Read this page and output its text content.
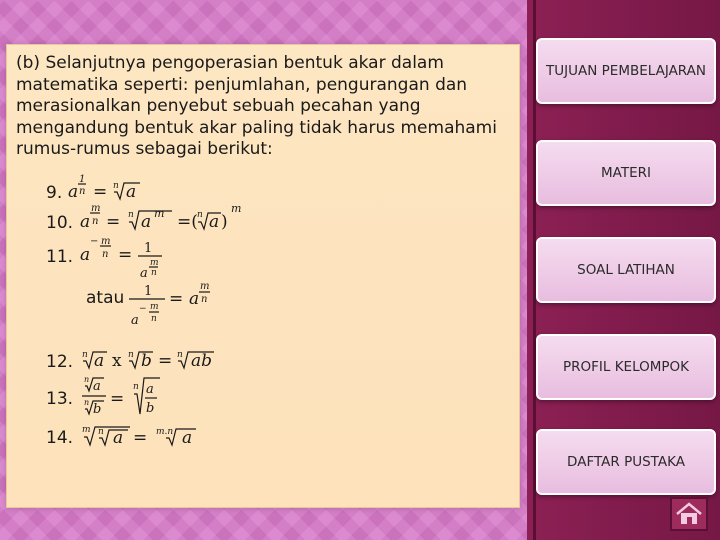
(b) Selanjutnya pengoperasian bentuk akar dalam matematika seperti: penjumlahan, pengurangan dan merasionalkan penyebut sebuah pecahan yang mengandung bentuk akar paling tidak harus memahami rumus-rumus sebagai berikut:

9.
10.
11.
atau
12.
13.
14.
a
1
n = n a
a
m
n = n a m =( n a )
m
a
− m
n = 1
a
m
n
1
a
− m
n
= a
m
n
n a x n b = n ab
n a
n b
=
n a
b
m n a = m.n a
TUJUAN PEMBELAJARAN
MATERI
SOAL LATIHAN
PROFIL KELOMPOK
DAFTAR PUSTAKA
